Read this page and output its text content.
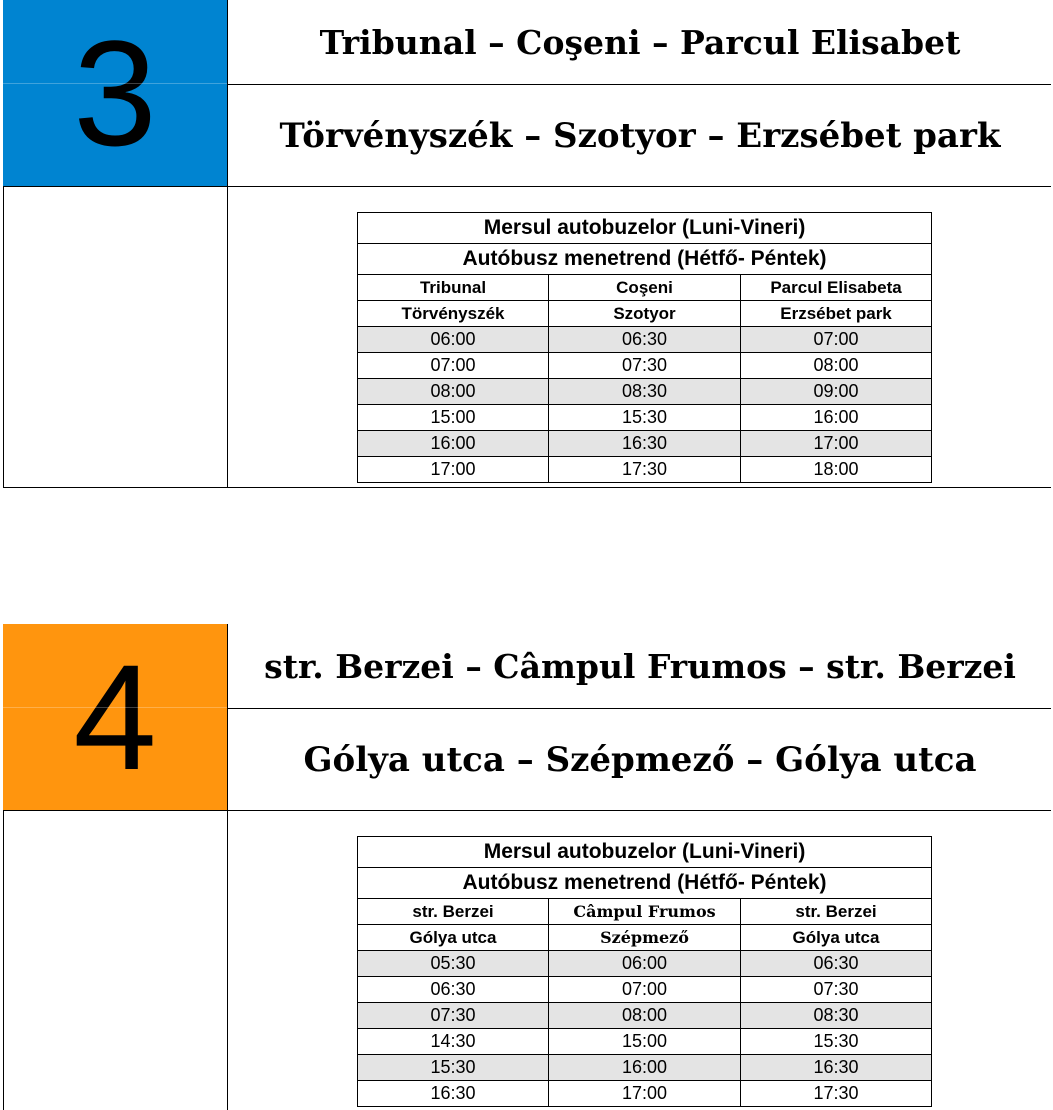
3	Tribunal – Coşeni – Parcul Elisabet
Törvényszék – Szotyor – Erzsébet park
Mersul autobuzelor (Luni-Vineri)		
Autóbusz menetrend (Hétfő- Péntek)		
Tribunal	Coşeni	Parcul Elisabeta
Törvényszék	Szotyor	Erzsébet park
06:00	06:30	07:00
07:00	07:30	08:00
08:00	08:30	09:00
15:00	15:30	16:00
16:00	16:30	17:00
17:00	17:30	18:00
4	str. Berzei – Câmpul Frumos – str. Berzei
Gólya utca – Szépmező – Gólya utca
Mersul autobuzelor (Luni-Vineri)		
Autóbusz menetrend (Hétfő- Péntek)		
str. Berzei	Câmpul Frumos	str. Berzei
Gólya utca	Szépmező	Gólya utca
05:30	06:00	06:30
06:30	07:00	07:30
07:30	08:00	08:30
14:30	15:00	15:30
15:30	16:00	16:30
16:30	17:00	17:30
